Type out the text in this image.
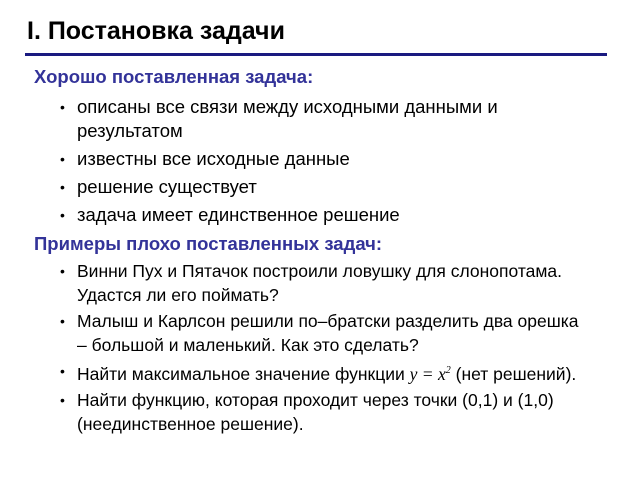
I. Постановка задачи
Хорошо поставленная задача:
• описаны все связи между исходными данными и результатом
• известны все исходные данные
• решение существует
• задача имеет единственное решение
Примеры плохо поставленных задач:
• Винни Пух и Пятачок построили ловушку для слонопотама. Удастся ли его поймать?
• Малыш и Карлсон решили по–братски разделить два орешка – большой и маленький. Как это сделать?
• Найти максимальное значение функции $y = x^2$ (нет решений).
• Найти функцию, которая проходит через точки (0,1) и (1,0) (неединственное решение).
